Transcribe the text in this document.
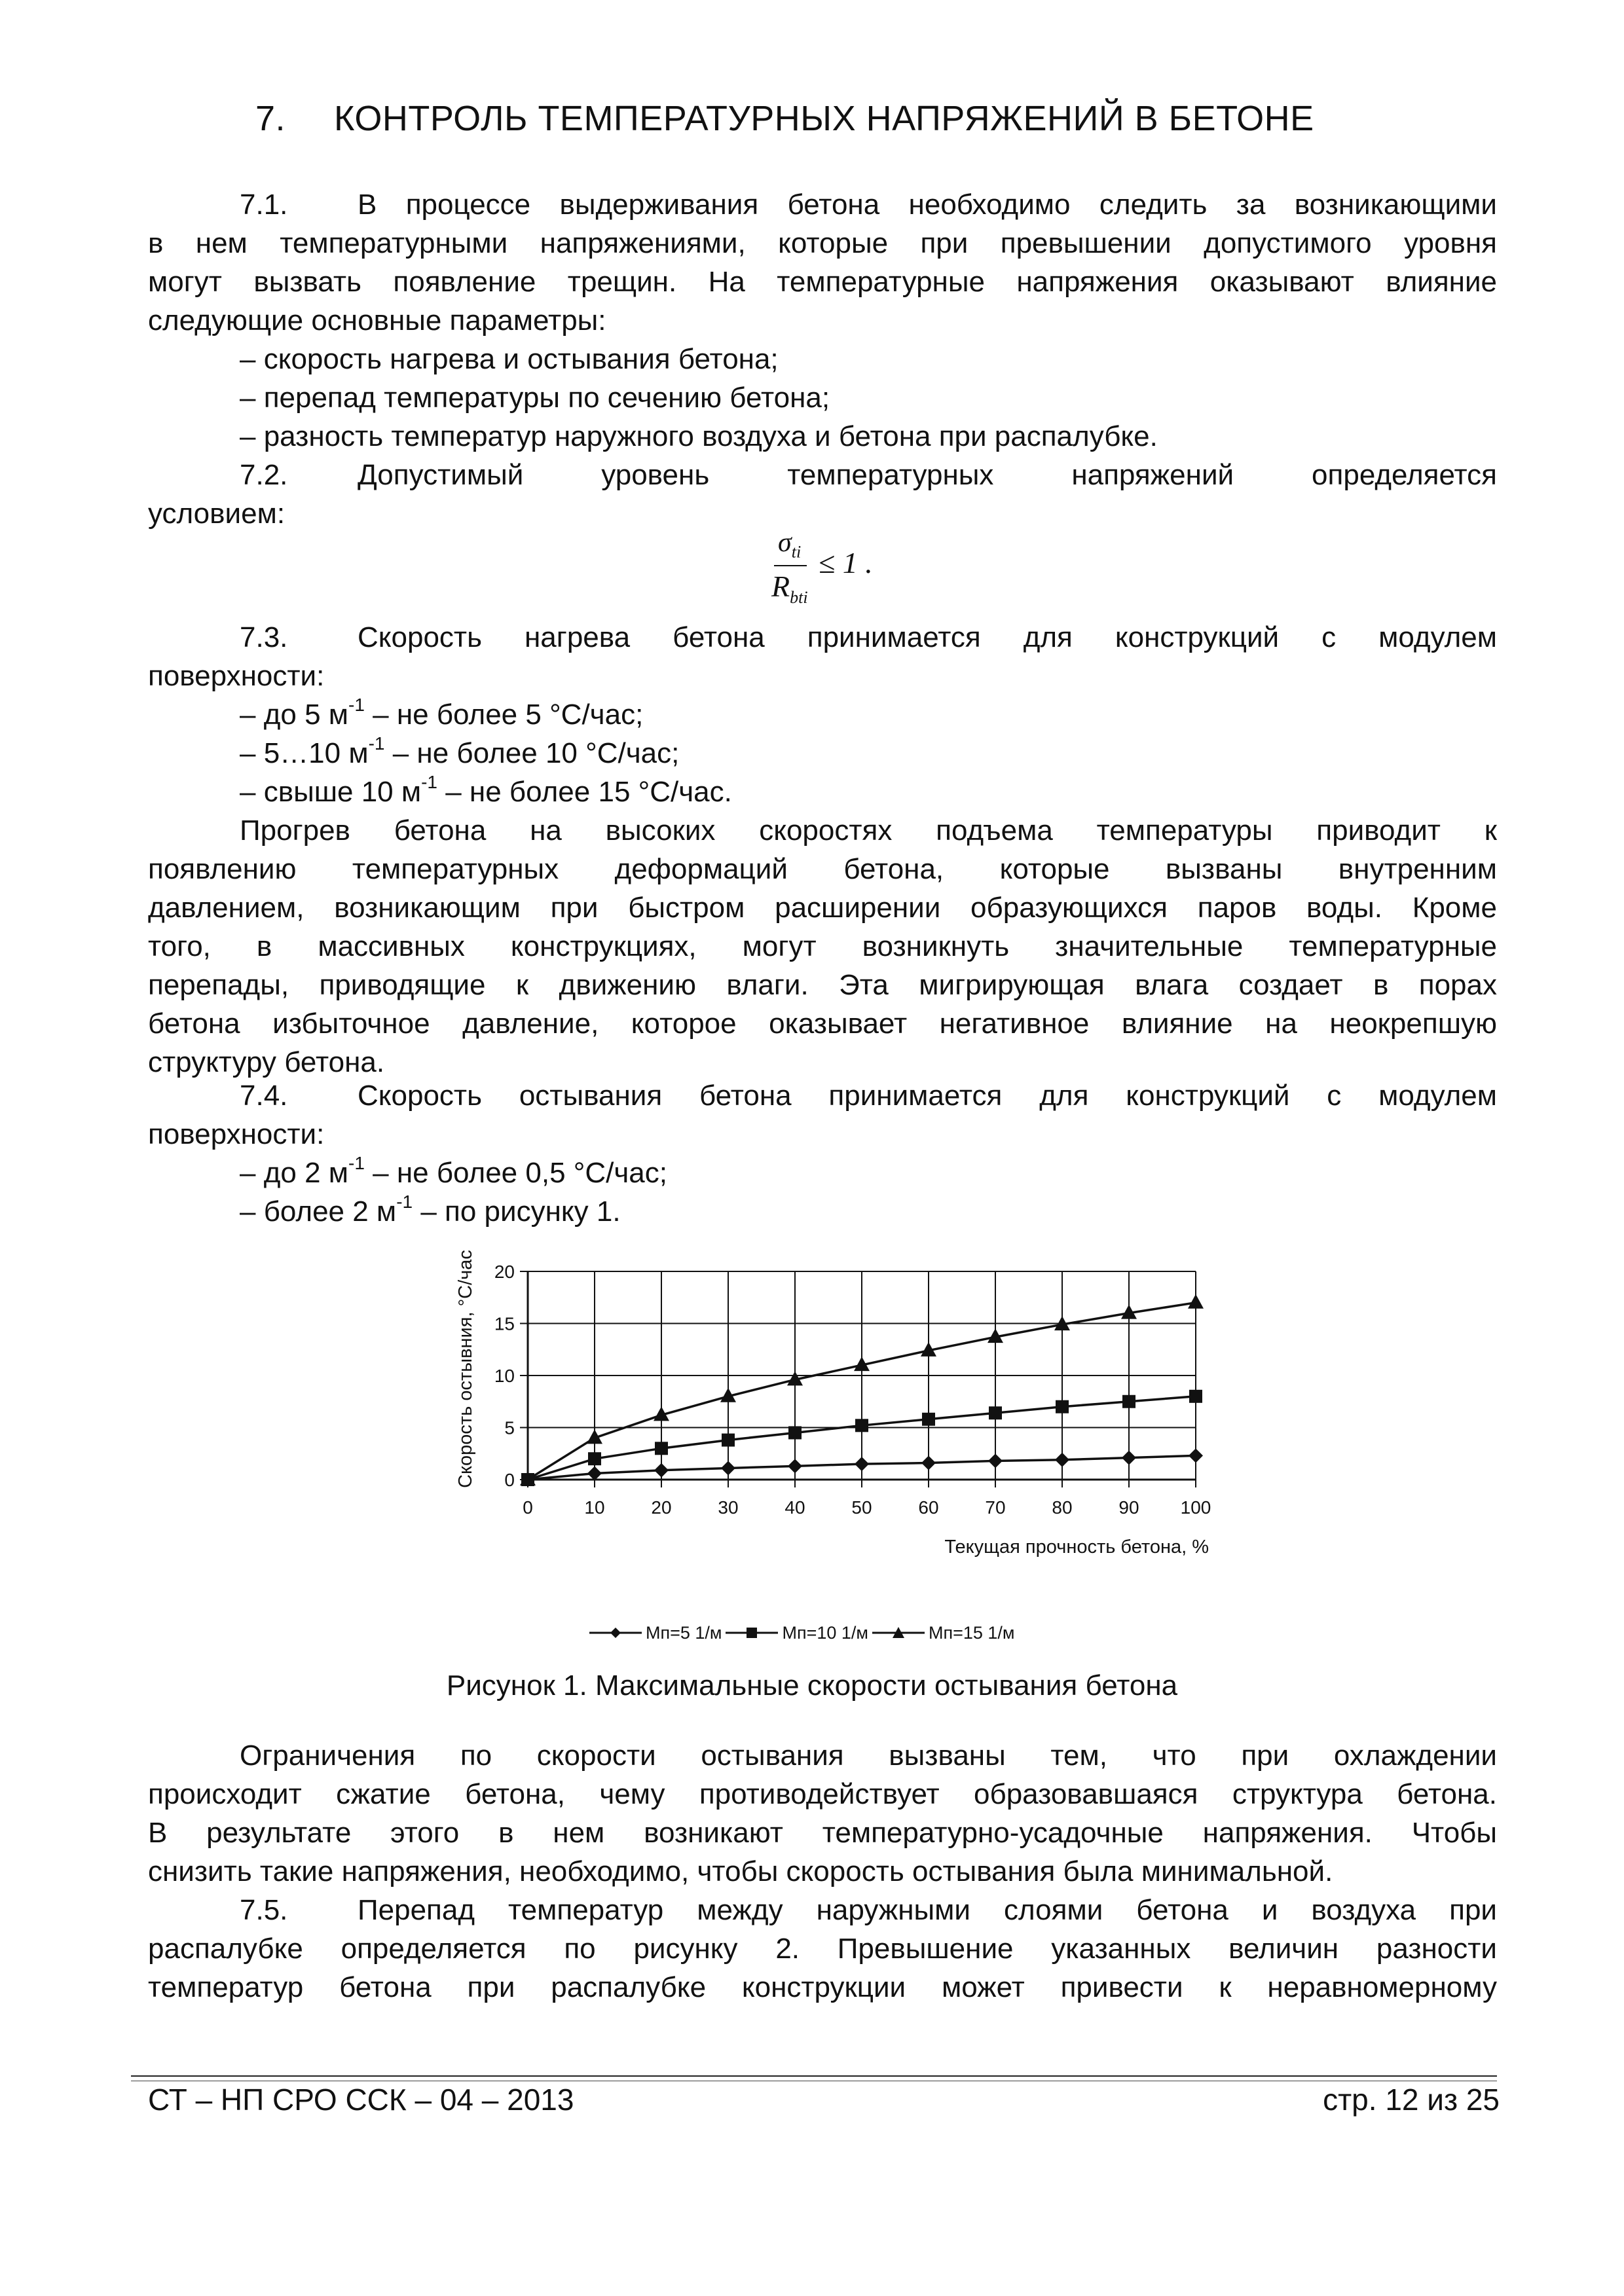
7. КОНТРОЛЬ ТЕМПЕРАТУРНЫХ НАПРЯЖЕНИЙ В БЕТОНЕ

7.1. В процессе выдерживания бетона необходимо следить за возникающими

в нем температурными напряжениями, которые при превышении допустимого уровня

могут вызвать появление трещин. На температурные напряжения оказывают влияние

следующие основные параметры:

– скорость нагрева и остывания бетона;

– перепад температуры по сечению бетона;

– разность температур наружного воздуха и бетона при распалубке.

7.2. Допустимый уровень температурных напряжений определяется

условием:

$\sigma_{ti}$
$R_{bti}$
≤ 1 .

7.3. Скорость нагрева бетона принимается для конструкций с модулем

поверхности:

– до 5 $м^{-1}$ – не более 5 °С/час;

– 5…10 $м^{-1}$ – не более 10 °С/час;

– свыше 10 $м^{-1}$ – не более 15 °С/час.

Прогрев бетона на высоких скоростях подъема температуры приводит к

появлению температурных деформаций бетона, которые вызваны внутренним

давлением, возникающим при быстром расширении образующихся паров воды. Кроме

того, в массивных конструкциях, могут возникнуть значительные температурные

перепады, приводящие к движению влаги. Эта мигрирующая влага создает в порах

бетона избыточное давление, которое оказывает негативное влияние на неокрепшую

структуру бетона.

7.4. Скорость остывания бетона принимается для конструкций с модулем

поверхности:

– до 2 $м^{-1}$ – не более 0,5 °С/час;

– более 2 $м^{-1}$ – по рисунку 1.

0
5
10
15
20
0	10	20	30	40	50	60	70	80	90 100
Текущая прочность бетона, %
Скорость остывния, °С/час
Мп=5 1/м	Мп=10 1/м	Мп=15 1/м
Рисунок 1. Максимальные скорости остывания бетона

Ограничения по скорости остывания вызваны тем, что при охлаждении

происходит сжатие бетона, чему противодействует образовавшаяся структура бетона.

В результате этого в нем возникают температурно-усадочные напряжения. Чтобы

снизить такие напряжения, необходимо, чтобы скорость остывания была минимальной.

7.5. Перепад температур между наружными слоями бетона и воздуха при

распалубке определяется по рисунку 2. Превышение указанных величин разности

температур бетона при распалубке конструкции может привести к неравномерному

СТ – НП СРО ССК – 04 – 2013	стр. 12 из 25
